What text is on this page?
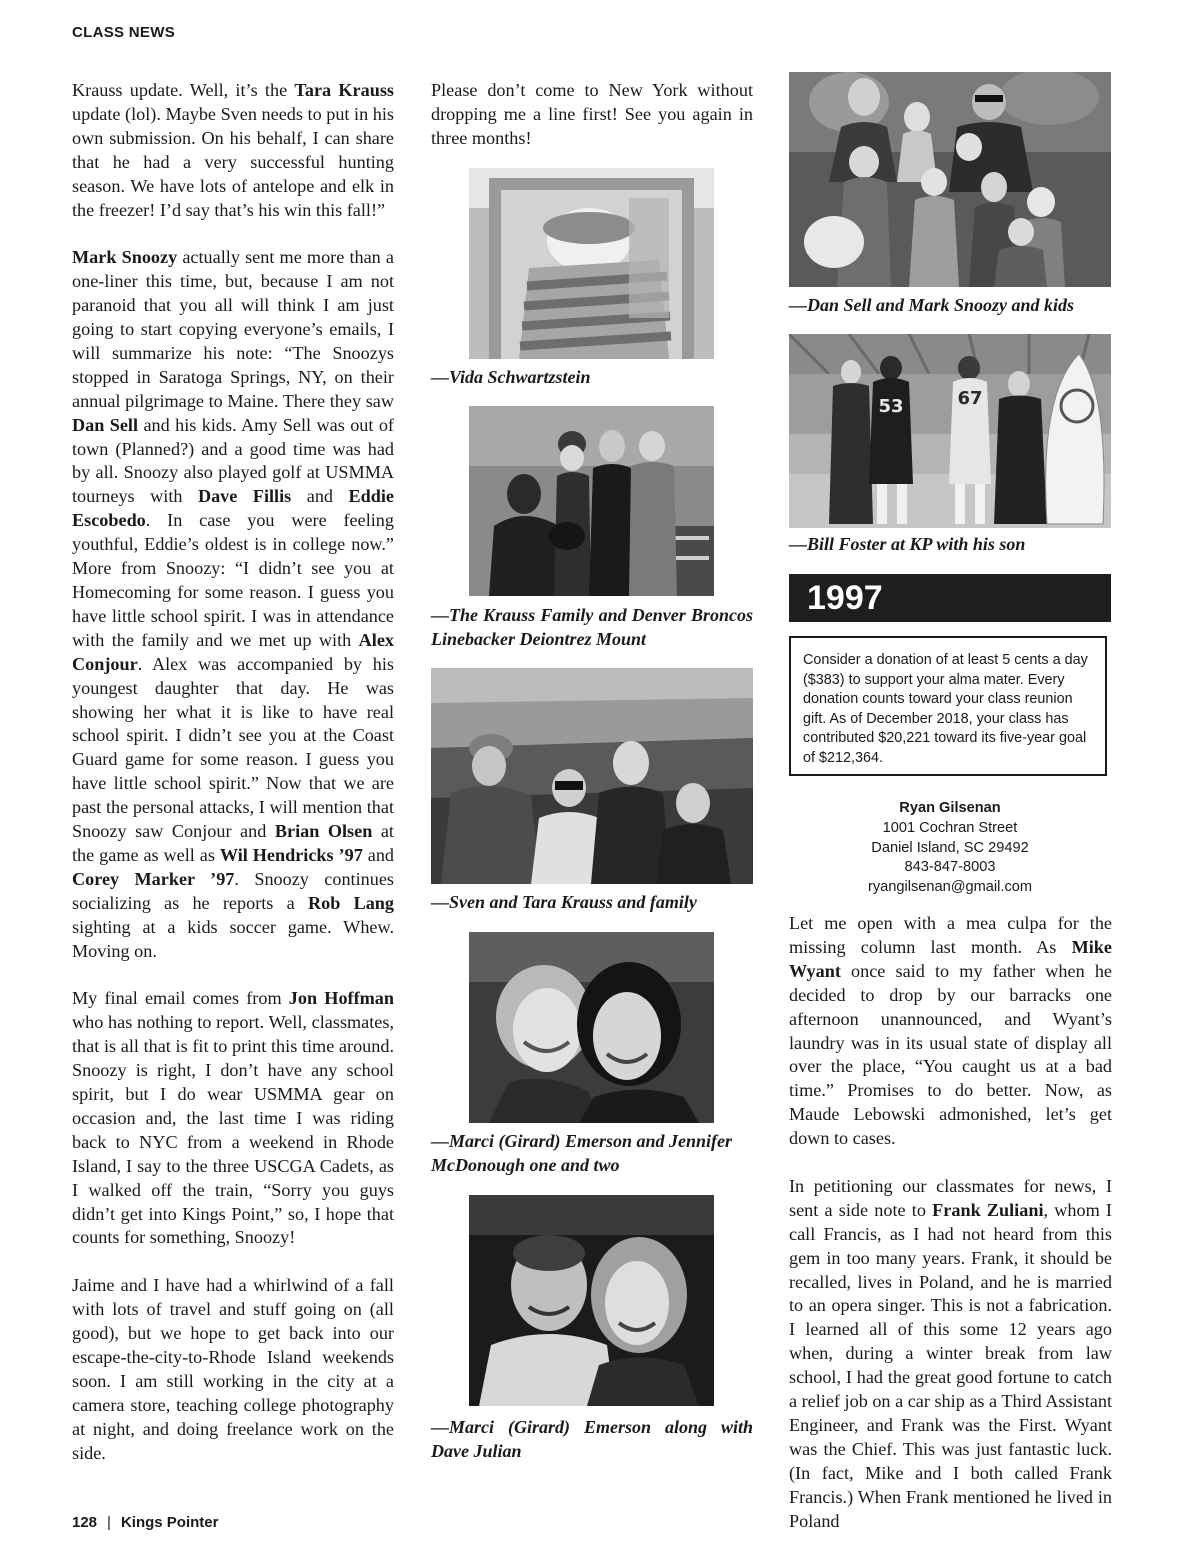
CLASS NEWS

Krauss update. Well, it’s the Tara Krauss update (lol). Maybe Sven needs to put in his own submission. On his behalf, I can share that he had a very successful hunting season. We have lots of antelope and elk in the freezer! I’d say that’s his win this fall!”

Mark Snoozy actually sent me more than a one-liner this time, but, because I am not paranoid that you all will think I am just going to start copying everyone’s emails, I will summarize his note: “The Snoozys stopped in Saratoga Springs, NY, on their annual pilgrimage to Maine. There they saw Dan Sell and his kids. Amy Sell was out of town (Planned?) and a good time was had by all. Snoozy also played golf at USMMA tourneys with Dave Fillis and Eddie Escobedo. In case you were feeling youthful, Eddie’s oldest is in college now.” More from Snoozy: “I didn’t see you at Homecoming for some reason. I guess you have little school spirit. I was in attendance with the family and we met up with Alex Conjour. Alex was accompanied by his youngest daughter that day. He was showing her what it is like to have real school spirit. I didn’t see you at the Coast Guard game for some reason. I guess you have little school spirit.” Now that we are past the personal attacks, I will mention that Snoozy saw Conjour and Brian Olsen at the game as well as Wil Hendricks ’97 and Corey Marker ’97. Snoozy continues socializing as he reports a Rob Lang sighting at a kids soccer game. Whew. Moving on.

My final email comes from Jon Hoffman who has nothing to report. Well, classmates, that is all that is fit to print this time around. Snoozy is right, I don’t have any school spirit, but I do wear USMMA gear on occasion and, the last time I was riding back to NYC from a weekend in Rhode Island, I say to the three USCGA Cadets, as I walked off the train, “Sorry you guys didn’t get into Kings Point,” so, I hope that counts for something, Snoozy!

Jaime and I have had a whirlwind of a fall with lots of travel and stuff going on (all good), but we hope to get back into our escape-the-city-to-Rhode Island weekends soon. I am still working in the city at a camera store, teaching college photography at night, and doing freelance work on the side.

Please don’t come to New York without dropping me a line first! See you again in three months!

—Vida Schwartzstein
—The Krauss Family and Denver Broncos Linebacker Deiontrez Mount
—Sven and Tara Krauss and family
—Marci (Girard) Emerson and Jennifer McDonough one and two
—Marci (Girard) Emerson along with Dave Julian
—Dan Sell and Mark Snoozy and kids
53	67
—Bill Foster at KP with his son
1997
Consider a donation of at least 5 cents a day ($383) to support your alma mater. Every donation counts toward your class reunion gift. As of December 2018, your class has contributed $20,221 toward its five-year goal of $212,364.
Ryan Gilsenan
1001 Cochran Street
Daniel Island, SC 29492
843-847-8003
ryangilsenan@gmail.com

Let me open with a mea culpa for the missing column last month. As Mike Wyant once said to my father when he decided to drop by our barracks one afternoon unannounced, and Wyant’s laundry was in its usual state of display all over the place, “You caught us at a bad time.” Promises to do better. Now, as Maude Lebowski admonished, let’s get down to cases.

In petitioning our classmates for news, I sent a side note to Frank Zuliani, whom I call Francis, as I had not heard from this gem in too many years. Frank, it should be recalled, lives in Poland, and he is married to an opera singer. This is not a fabrication. I learned all of this some 12 years ago when, during a winter break from law school, I had the great good fortune to catch a relief job on a car ship as a Third Assistant Engineer, and Frank was the First. Wyant was the Chief. This was just fantastic luck. (In fact, Mike and I both called Frank Francis.) When Frank mentioned he lived in Poland

128 | Kings Pointer
